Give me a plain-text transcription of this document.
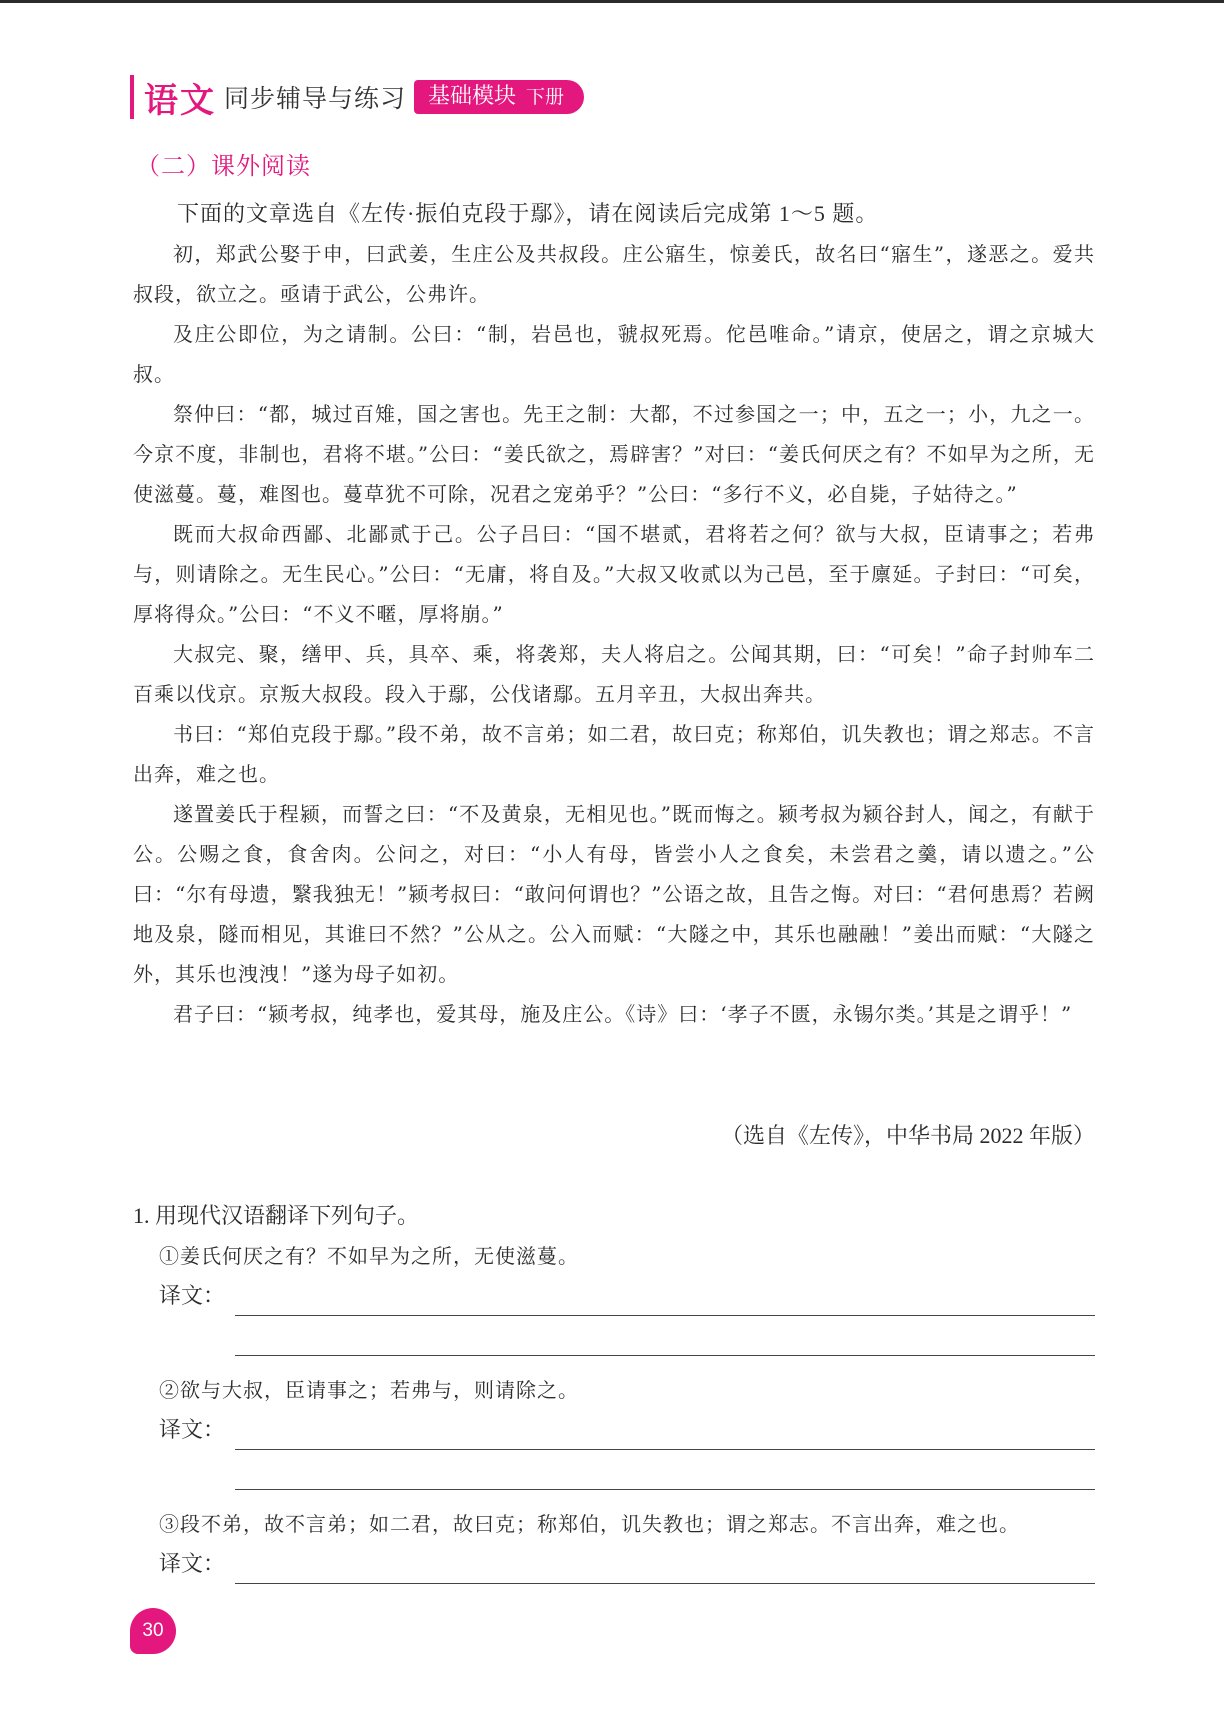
语文 同步辅导与练习	基础模块 下册
（二）课外阅读

下面的文章选自《左传·振伯克段于鄢》，请在阅读后完成第 1～5 题。

初，郑武公娶于申，曰武姜，生庄公及共叔段。庄公寤生，惊姜氏，故名曰“寤生”，遂恶之。爱共叔段，欲立之。亟请于武公，公弗许。

及庄公即位，为之请制。公曰：“制，岩邑也，虢叔死焉。佗邑唯命。”请京，使居之，谓之京城大叔。

祭仲曰：“都，城过百雉，国之害也。先王之制：大都，不过参国之一；中，五之一；小，九之一。今京不度，非制也，君将不堪。”公曰：“姜氏欲之，焉辟害？”对曰：“姜氏何厌之有？不如早为之所，无使滋蔓。蔓，难图也。蔓草犹不可除，况君之宠弟乎？”公曰：“多行不义，必自毙，子姑待之。”

既而大叔命西鄙、北鄙贰于己。公子吕曰：“国不堪贰，君将若之何？欲与大叔，臣请事之；若弗与，则请除之。无生民心。”公曰：“无庸，将自及。”大叔又收贰以为己邑，至于廪延。子封曰：“可矣，厚将得众。”公曰：“不义不暱，厚将崩。”

大叔完、聚，缮甲、兵，具卒、乘，将袭郑，夫人将启之。公闻其期，曰：“可矣！”命子封帅车二百乘以伐京。京叛大叔段。段入于鄢，公伐诸鄢。五月辛丑，大叔出奔共。

书曰：“郑伯克段于鄢。”段不弟，故不言弟；如二君，故曰克；称郑伯，讥失教也；谓之郑志。不言出奔，难之也。

遂置姜氏于程颍，而誓之曰：“不及黄泉，无相见也。”既而悔之。颍考叔为颍谷封人，闻之，有献于公。公赐之食，食舍肉。公问之，对曰：“小人有母，皆尝小人之食矣，未尝君之羹，请以遗之。”公曰：“尔有母遗，繄我独无！”颍考叔曰：“敢问何谓也？”公语之故，且告之悔。对曰：“君何患焉？若阙地及泉，隧而相见，其谁曰不然？”公从之。公入而赋：“大隧之中，其乐也融融！”姜出而赋：“大隧之外，其乐也洩洩！”遂为母子如初。

君子曰：“颍考叔，纯孝也，爱其母，施及庄公。《诗》曰：‘孝子不匮，永锡尔类。’其是之谓乎！”

（选自《左传》，中华书局 2022 年版）
1. 用现代汉语翻译下列句子。
①姜氏何厌之有？不如早为之所，无使滋蔓。
译文：
②欲与大叔，臣请事之；若弗与，则请除之。
译文：
③段不弟，故不言弟；如二君，故曰克；称郑伯，讥失教也；谓之郑志。不言出奔，难之也。
译文：
30
